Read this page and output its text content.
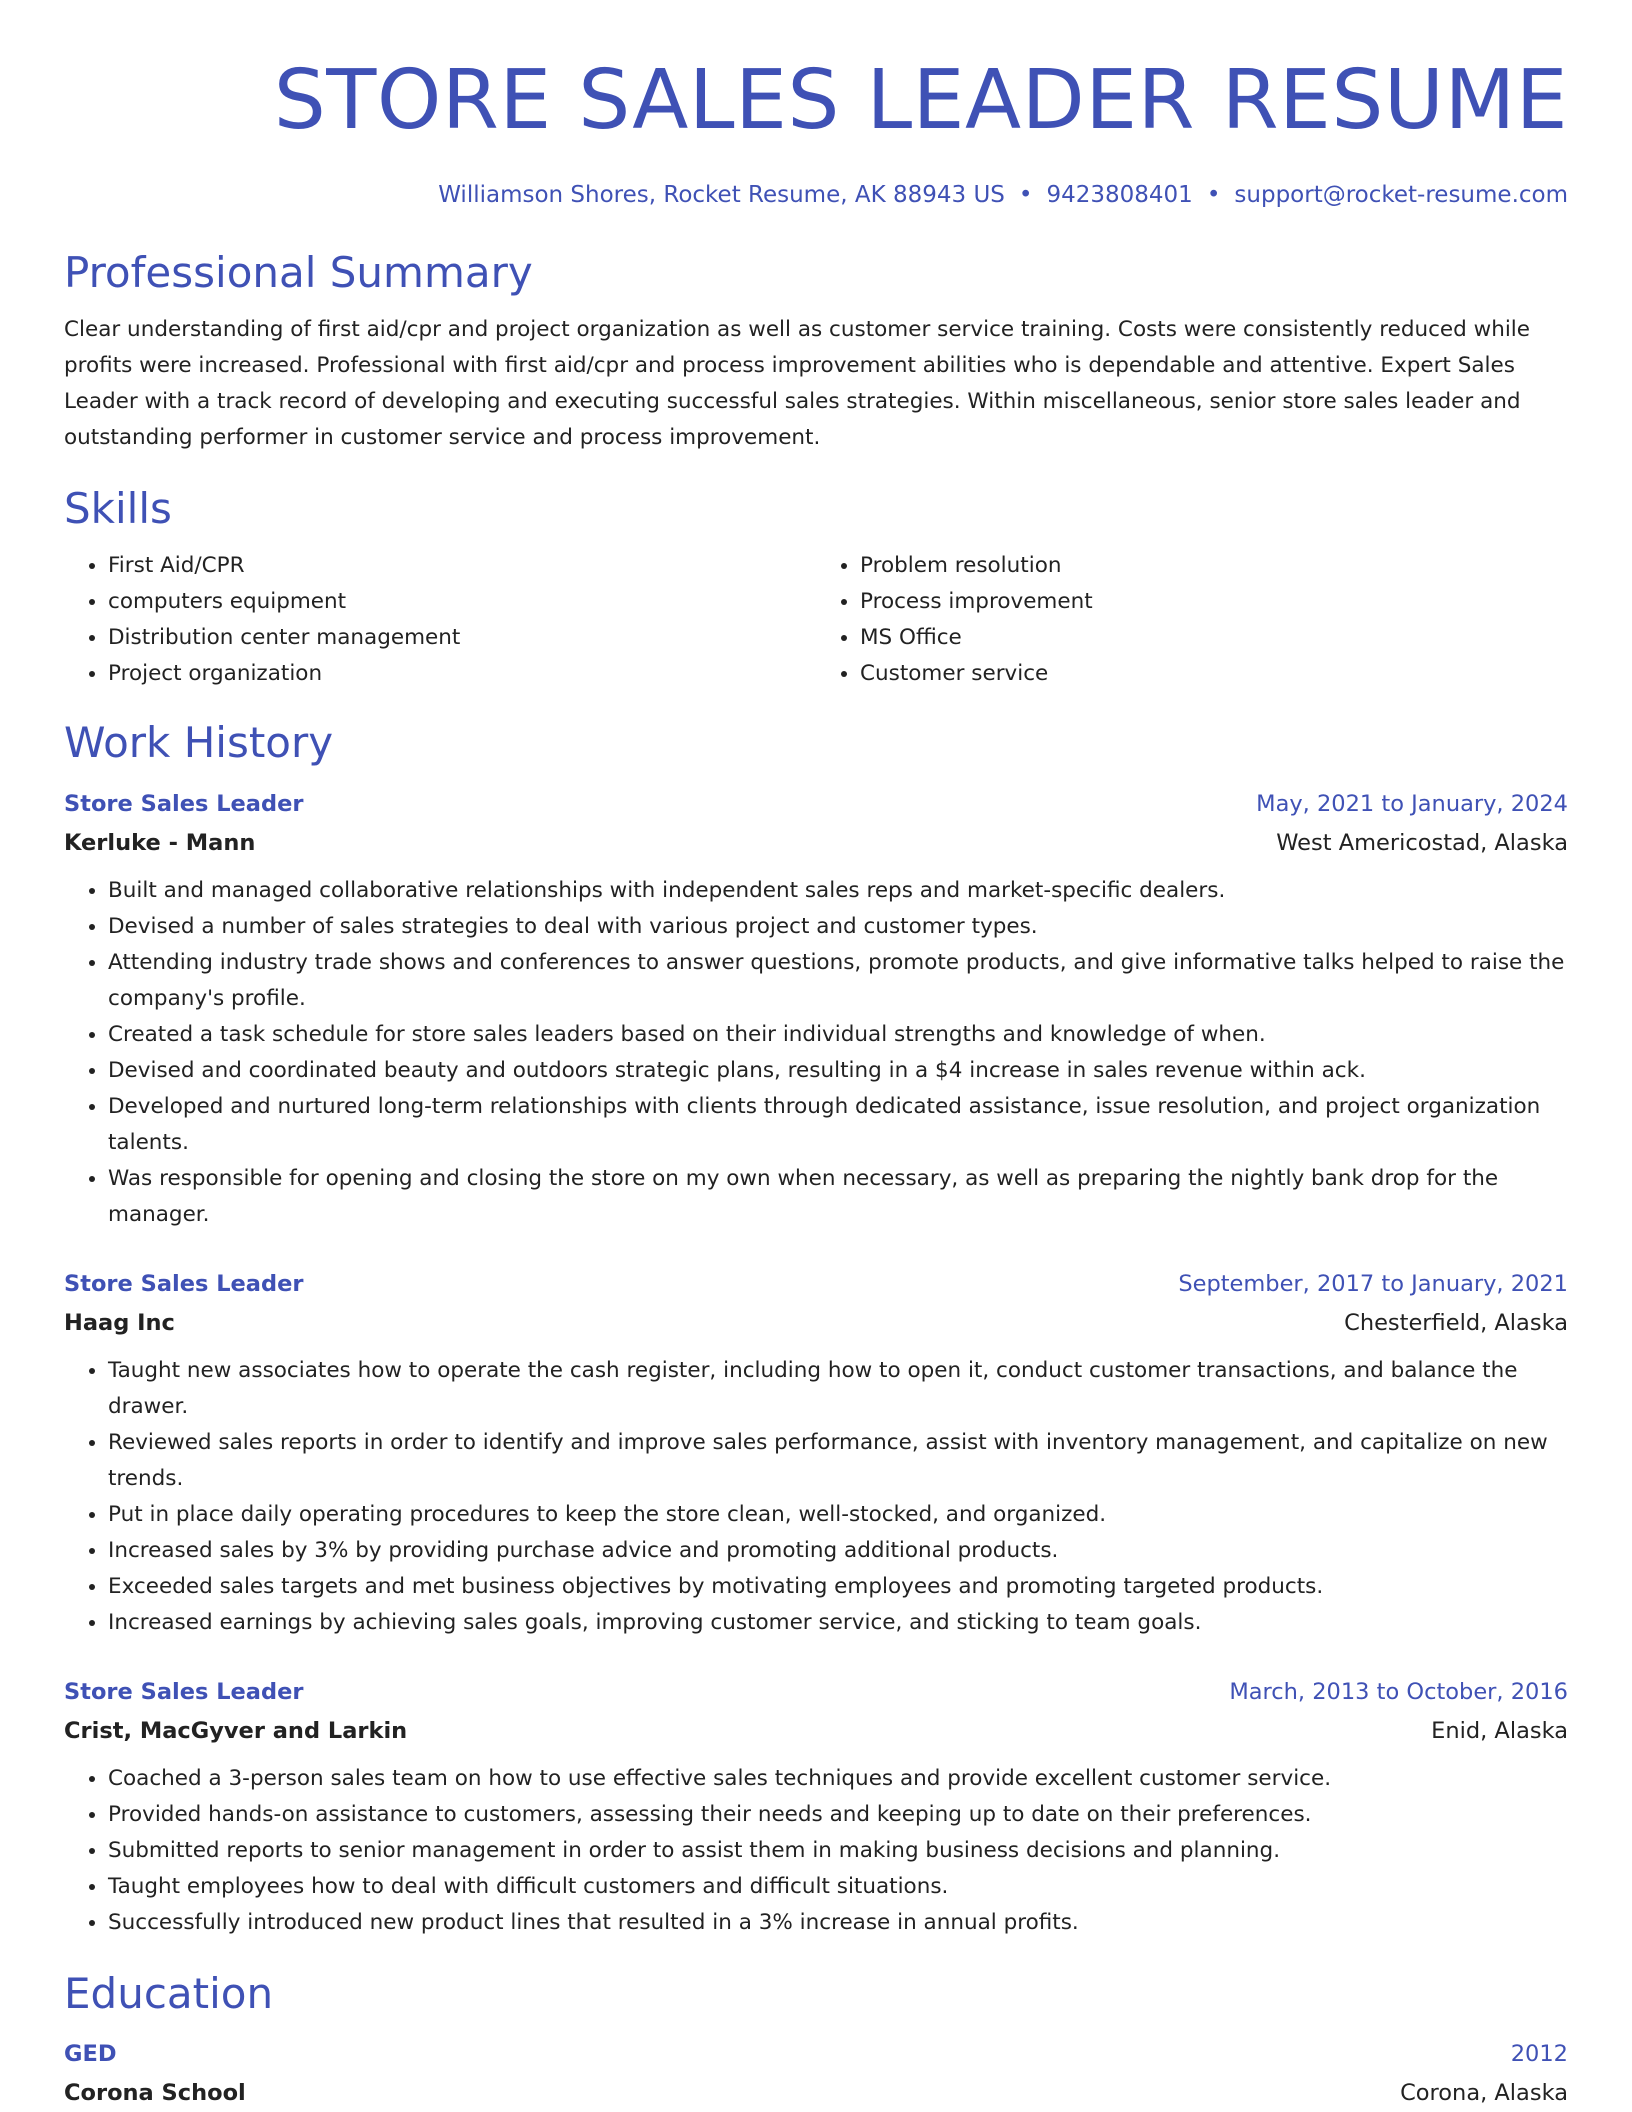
STORE SALES LEADER RESUME
Williamson Shores, Rocket Resume, AK 88943 US • 9423808401 • support@rocket-resume.com
Professional Summary
Clear understanding of first aid/cpr and project organization as well as customer service training. Costs were consistently reduced while profits were increased. Professional with first aid/cpr and process improvement abilities who is dependable and attentive. Expert Sales Leader with a track record of developing and executing successful sales strategies. Within miscellaneous, senior store sales leader and outstanding performer in customer service and process improvement.
Skills
• First Aid/CPR
• computers equipment
• Distribution center management
• Project organization
• Problem resolution
• Process improvement
• MS Office
• Customer service
Work History
Store Sales Leader	May, 2021 to January, 2024
Kerluke - Mann	West Americostad, Alaska
• Built and managed collaborative relationships with independent sales reps and market-specific dealers.
• Devised a number of sales strategies to deal with various project and customer types.
• Attending industry trade shows and conferences to answer questions, promote products, and give informative talks helped to raise the company's profile.
• Created a task schedule for store sales leaders based on their individual strengths and knowledge of when.
• Devised and coordinated beauty and outdoors strategic plans, resulting in a $4 increase in sales revenue within ack.
• Developed and nurtured long-term relationships with clients through dedicated assistance, issue resolution, and project organization talents.
• Was responsible for opening and closing the store on my own when necessary, as well as preparing the nightly bank drop for the manager.
Store Sales Leader	September, 2017 to January, 2021
Haag Inc	Chesterfield, Alaska
• Taught new associates how to operate the cash register, including how to open it, conduct customer transactions, and balance the drawer.
• Reviewed sales reports in order to identify and improve sales performance, assist with inventory management, and capitalize on new trends.
• Put in place daily operating procedures to keep the store clean, well-stocked, and organized.
• Increased sales by 3% by providing purchase advice and promoting additional products.
• Exceeded sales targets and met business objectives by motivating employees and promoting targeted products.
• Increased earnings by achieving sales goals, improving customer service, and sticking to team goals.
Store Sales Leader	March, 2013 to October, 2016
Crist, MacGyver and Larkin	Enid, Alaska
• Coached a 3-person sales team on how to use effective sales techniques and provide excellent customer service.
• Provided hands-on assistance to customers, assessing their needs and keeping up to date on their preferences.
• Submitted reports to senior management in order to assist them in making business decisions and planning.
• Taught employees how to deal with difficult customers and difficult situations.
• Successfully introduced new product lines that resulted in a 3% increase in annual profits.
Education
GED	2012
Corona School	Corona, Alaska
